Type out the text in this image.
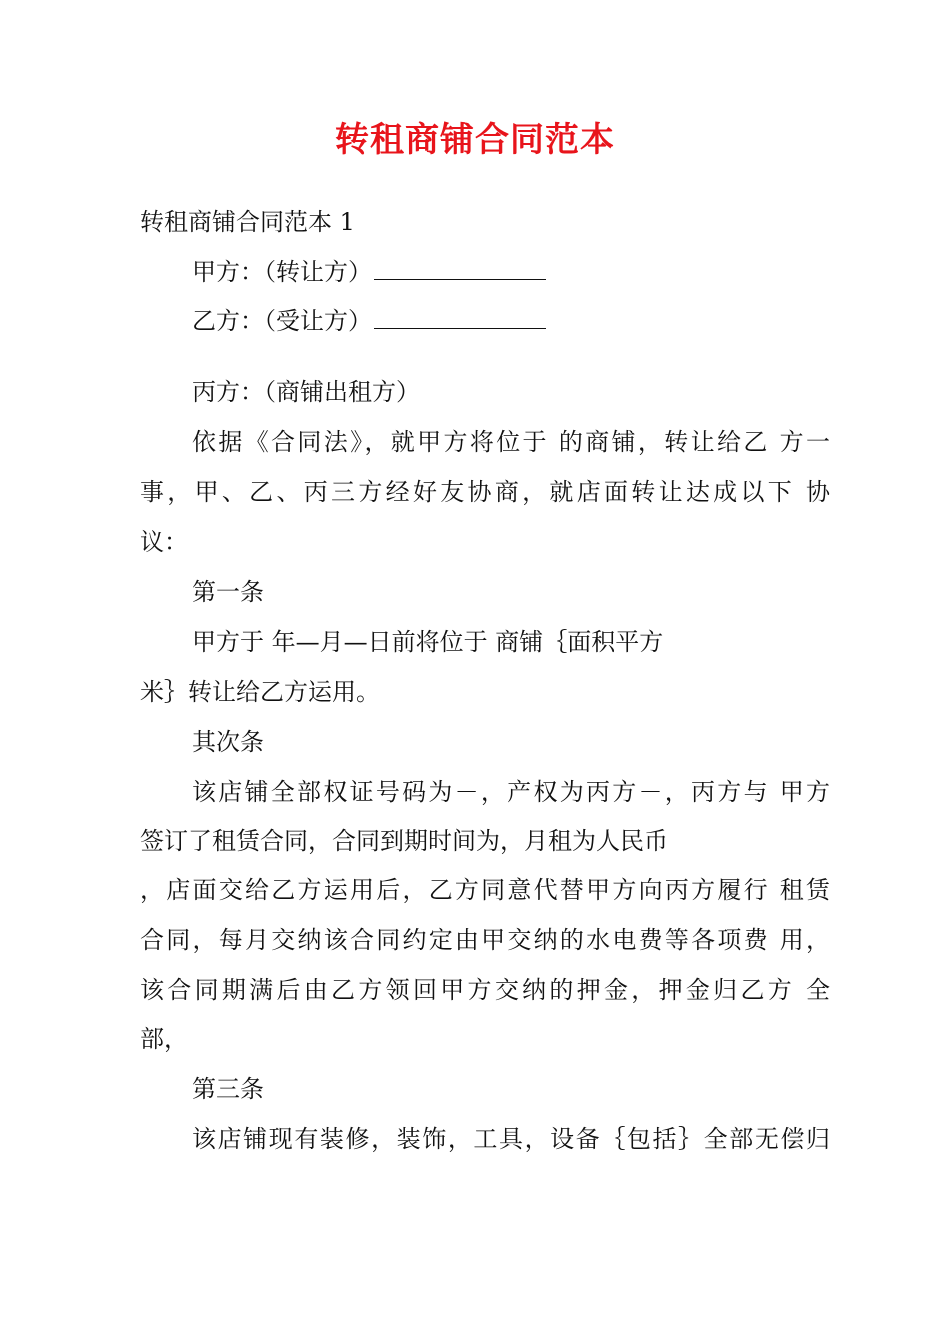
转租商铺合同范本
转租商铺合同范本 1
甲方：（转让方）
乙方：（受让方）
丙方：（商铺出租方）
依据《合同法》，就甲方将位于 的商铺，转让给乙 方一
事，甲、乙、丙三方经好友协商，就店面转让达成以下 协
议：
第一条
甲方于 年—月—日前将位于 商铺｛面积平方
米｝转让给乙方运用。
其次条
该店铺全部权证号码为－，产权为丙方－，丙方与 甲方
签订了租赁合同，合同到期时间为，月租为人民币
，店面交给乙方运用后，乙方同意代替甲方向丙方履行 租赁
合同，每月交纳该合同约定由甲交纳的水电费等各项费 用，
该合同期满后由乙方领回甲方交纳的押金，押金归乙方 全
部，
第三条
该店铺现有装修，装饰，工具，设备｛包括｝全部无偿归
